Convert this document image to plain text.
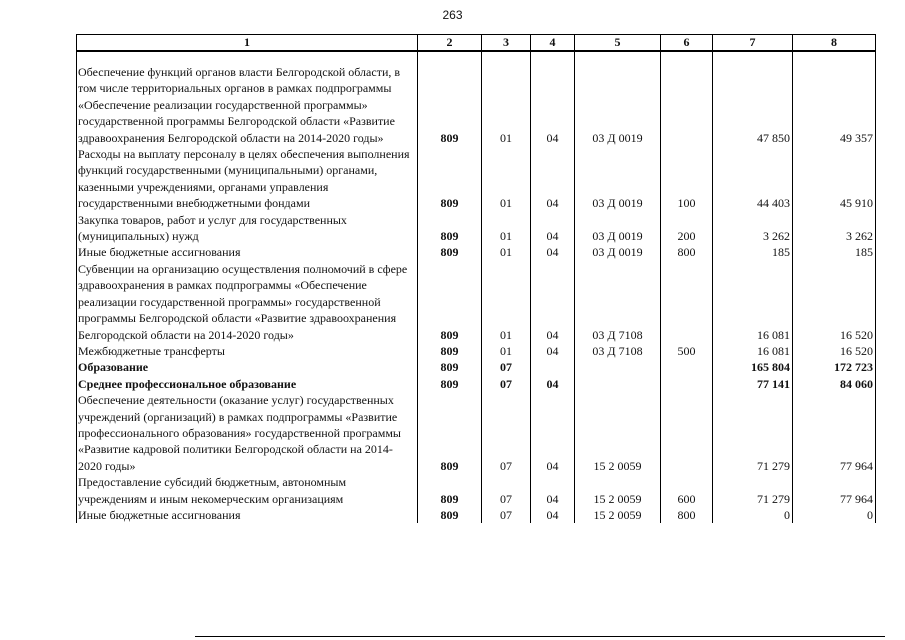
263
1	2	3	4	5	6	7	8

Обеспечение функций органов власти Белгородской области, в том числе территориальных органов в рамках подпрограммы «Обеспечение реализации государственной программы» государственной программы Белгородской области «Развитие здравоохранения Белгородской области на 2014-2020 годы»	809	01	04	03 Д 0019		47 850	49 357
Расходы на выплату персоналу в целях обеспечения выполнения функций государственными (муниципальными) органами, казенными учреждениями, органами управления государственными внебюджетными фондами	809	01	04	03 Д 0019	100	44 403	45 910
Закупка товаров, работ и услуг для государственных (муниципальных) нужд	809	01	04	03 Д 0019	200	3 262	3 262
Иные бюджетные ассигнования	809	01	04	03 Д 0019	800	185	185
Субвенции на организацию осуществления полномочий в сфере здравоохранения в рамках подпрограммы «Обеспечение реализации государственной программы» государственной программы Белгородской области «Развитие здравоохранения Белгородской области на 2014-2020 годы»	809	01	04	03 Д 7108		16 081	16 520
Межбюджетные трансферты	809	01	04	03 Д 7108	500	16 081	16 520
Образование	809	07				165 804	172 723
Среднее профессиональное образование	809	07	04			77 141	84 060
Обеспечение деятельности (оказание услуг) государственных учреждений (организаций) в рамках подпрограммы «Развитие профессионального образования» государственной программы «Развитие кадровой политики Белгородской области на 2014-2020 годы»	809	07	04	15 2 0059		71 279	77 964
Предоставление субсидий бюджетным, автономным учреждениям и иным некомерческим организациям	809	07	04	15 2 0059	600	71 279	77 964
Иные бюджетные ассигнования	809	07	04	15 2 0059	800	0	0
